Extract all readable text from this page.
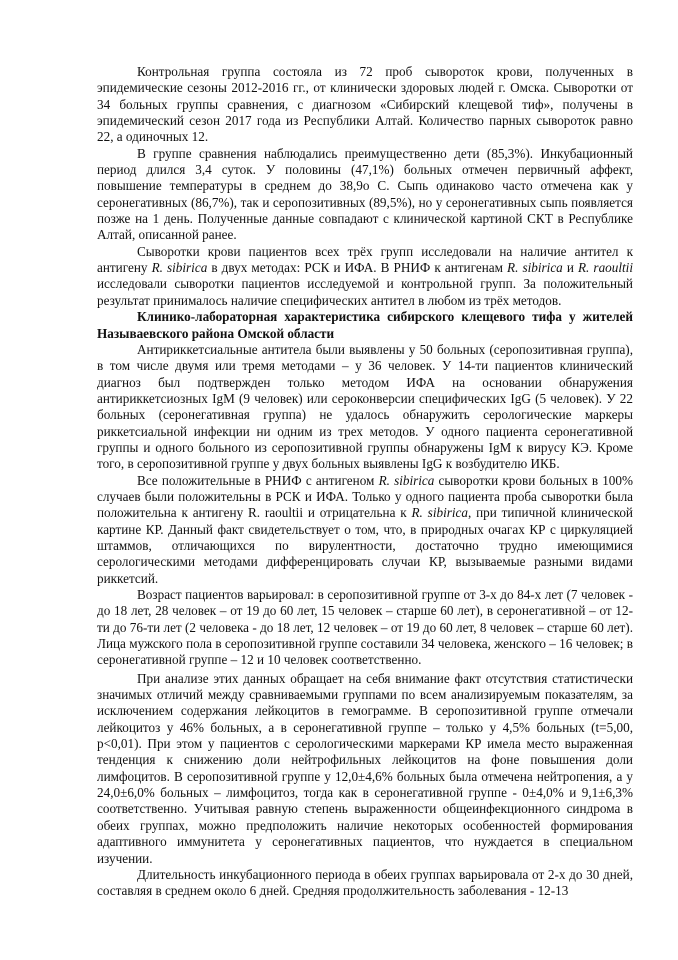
Контрольная группа состояла из 72 проб сывороток крови, полученных в эпидемические сезоны 2012-2016 гг., от клинически здоровых людей г. Омска. Сыворотки от 34 больных группы сравнения, с диагнозом «Сибирский клещевой тиф», получены в эпидемический сезон 2017 года из Республики Алтай. Количество парных сывороток равно 22, а одиночных 12.

В группе сравнения наблюдались преимущественно дети (85,3%). Инкубационный период длился 3,4 суток. У половины (47,1%) больных отмечен первичный аффект, повышение температуры в среднем до 38,9о С. Сыпь одинаково часто отмечена как у серонегативных (86,7%), так и серопозитивных (89,5%), но у серонегативных сыпь появляется позже на 1 день. Полученные данные совпадают с клинической картиной СКТ в Республике Алтай, описанной ранее.

Сыворотки крови пациентов всех трёх групп исследовали на наличие антител к антигену R. sibirica в двух методах: РСК и ИФА. В РНИФ к антигенам R. sibirica и R. raoultii исследовали сыворотки пациентов исследуемой и контрольной групп. За положительный результат принималось наличие специфических антител в любом из трёх методов.

Клинико-лабораторная характеристика сибирского клещевого тифа у жителей Называевского района Омской области

Антириккетсиальные антитела были выявлены у 50 больных (серопозитивная группа), в том числе двумя или тремя методами – у 36 человек. У 14-ти пациентов клинический диагноз был подтвержден только методом ИФА на основании обнаружения антириккетсиозных IgM (9 человек) или сероконверсии специфических IgG (5 человек). У 22 больных (серонегативная группа) не удалось обнаружить серологические маркеры риккетсиальной инфекции ни одним из трех методов. У одного пациента серонегативной группы и одного больного из серопозитивной группы обнаружены IgM к вирусу КЭ. Кроме того, в серопозитивной группе у двух больных выявлены IgG к возбудителю ИКБ.

Все положительные в РНИФ с антигеном R. sibirica сыворотки крови больных в 100% случаев были положительны в РСК и ИФА. Только у одного пациента проба сыворотки была положительна к антигену R. raoultii и отрицательна к R. sibirica, при типичной клинической картине КР. Данный факт свидетельствует о том, что, в природных очагах КР с циркуляцией штаммов, отличающихся по вирулентности, достаточно трудно имеющимися серологическими методами дифференцировать случаи КР, вызываемые разными видами риккетсий.

Возраст пациентов варьировал: в серопозитивной группе от 3-х до 84-х лет (7 человек - до 18 лет, 28 человек – от 19 до 60 лет, 15 человек – старше 60 лет), в серонегативной – от 12-ти до 76-ти лет (2 человека - до 18 лет, 12 человек – от 19 до 60 лет, 8 человек – старше 60 лет). Лица мужского пола в серопозитивной группе составили 34 человека, женского – 16 человек; в серонегативной группе – 12 и 10 человек соответственно.

При анализе этих данных обращает на себя внимание факт отсутствия статистически значимых отличий между сравниваемыми группами по всем анализируемым показателям, за исключением содержания лейкоцитов в гемограмме. В серопозитивной группе отмечали лейкоцитоз у 46% больных, а в серонегативной группе – только у 4,5% больных (t=5,00, p<0,01). При этом у пациентов с серологическими маркерами КР имела место выраженная тенденция к снижению доли нейтрофильных лейкоцитов на фоне повышения доли лимфоцитов. В серопозитивной группе у 12,0±4,6% больных была отмечена нейтропения, а у 24,0±6,0% больных – лимфоцитоз, тогда как в серонегативной группе - 0±4,0% и 9,1±6,3% соответственно. Учитывая равную степень выраженности общеинфекционного синдрома в обеих группах, можно предположить наличие некоторых особенностей формирования адаптивного иммунитета у серонегативных пациентов, что нуждается в специальном изучении.

Длительность инкубационного периода в обеих группах варьировала от 2-х до 30 дней, составляя в среднем около 6 дней. Средняя продолжительность заболевания - 12-13
